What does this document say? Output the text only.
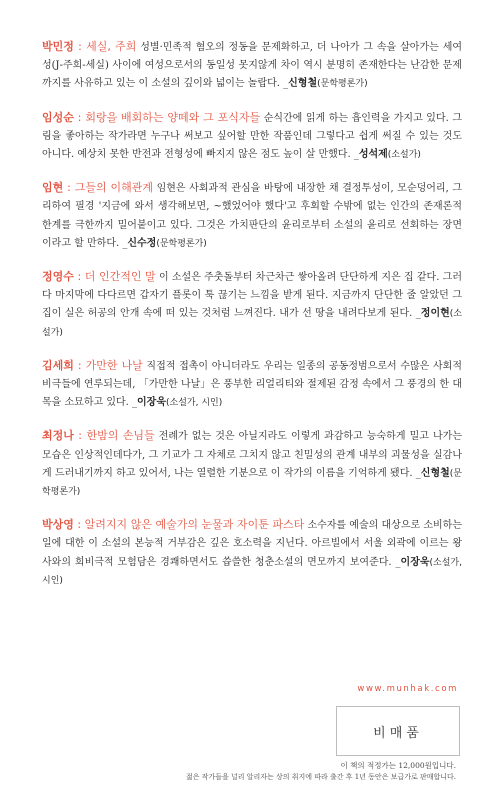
박민정 : 세실, 주희 성별·민족적 혐오의 정동을 문제화하고, 더 나아가 그 속을 살아가는 세여성(J-주희-세실) 사이에 여성으로서의 동일성 못지않게 차이 역시 분명히 존재한다는 난감한 문제까지를 사유하고 있는 이 소설의 깊이와 넓이는 놀랍다. _신형철(문학평론가)

임성순 : 회랑을 배회하는 양떼와 그 포식자들 순식간에 읽게 하는 흡인력을 가지고 있다. 그림을 좋아하는 작가라면 누구나 써보고 싶어할 만한 작품인데 그렇다고 쉽게 써질 수 있는 것도 아니다. 예상치 못한 반전과 전형성에 빠지지 않은 점도 높이 살 만했다. _성석제(소설가)

임현 : 그들의 이해관계 임현은 사회과적 관심을 바탕에 내장한 채 결정투성이, 모순덩어리, 그리하여 필경 '지금에 와서 생각해보면, ~했었어야 했다'고 후회할 수밖에 없는 인간의 존재론적 한계를 극한까지 밀어붙이고 있다. 그것은 가치판단의 윤리로부터 소설의 윤리로 선회하는 장면이라고 할 만하다. _신수정(문학평론가)

정영수 : 더 인간적인 말 이 소설은 주춧돌부터 차근차근 쌓아올려 단단하게 지은 집 같다. 그러다 마지막에 다다르면 갑자기 플롯이 툭 끊기는 느낌을 받게 된다. 지금까지 단단한 줄 알았던 그 집이 실은 허공의 안개 속에 떠 있는 것처럼 느껴진다. 내가 선 땅을 내려다보게 된다. _정이현(소설가)

김세희 : 가만한 나날 직접적 접촉이 아니더라도 우리는 일종의 공동정범으로서 수많은 사회적 비극들에 연루되는데, 「가만한 나날」은 풍부한 리얼리티와 절제된 감정 속에서 그 풍경의 한 대목을 소묘하고 있다. _이장욱(소설가, 시인)

최정나 : 한밤의 손님들 전례가 없는 것은 아닐지라도 이렇게 과감하고 능숙하게 밀고 나가는 모습은 인상적인데다가, 그 기교가 그 자체로 그치지 않고 친밀성의 관계 내부의 괴물성을 실감나게 드러내기까지 하고 있어서, 나는 열렬한 기분으로 이 작가의 이름을 기억하게 됐다. _신형철(문학평론가)

박상영 : 알려지지 않은 예술가의 눈물과 자이툰 파스타 소수자를 예술의 대상으로 소비하는 일에 대한 이 소설의 본능적 거부감은 깊은 호소력을 지닌다. 아르빌에서 서울 외곽에 이르는 왕사와의 희비극적 모험담은 경쾌하면서도 씁쓸한 청춘소설의 면모까지 보여준다. _이장욱(소설가, 시인)

www.munhak.com
비매품
이 책의 적정가는 12,000원입니다.
젊은 작가들을 널리 알리자는 상의 취지에 따라 출간 후 1년 동안은 보급가로 판매합니다.
